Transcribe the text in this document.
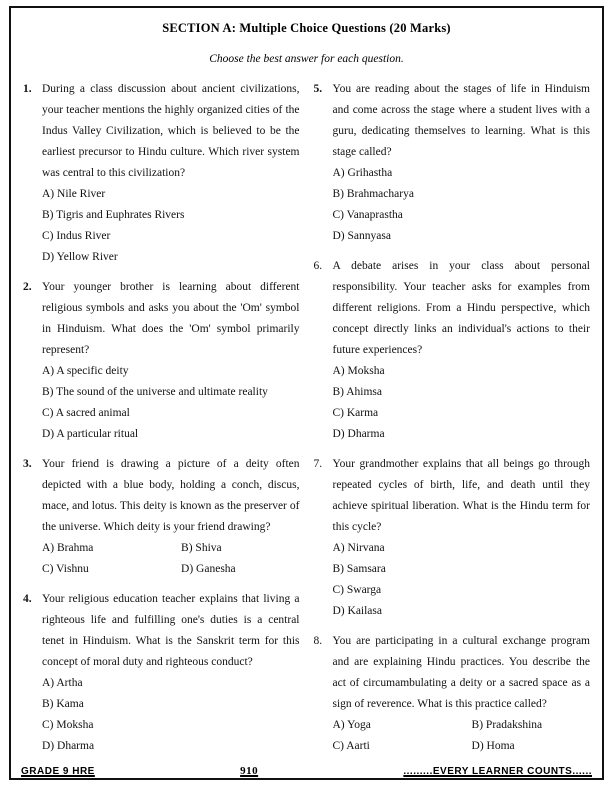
SECTION A: Multiple Choice Questions (20 Marks)
Choose the best answer for each question.
1. During a class discussion about ancient civilizations, your teacher mentions the highly organized cities of the Indus Valley Civilization, which is believed to be the earliest precursor to Hindu culture. Which river system was central to this civilization?
A) Nile River
B) Tigris and Euphrates Rivers
C) Indus River
D) Yellow River
2. Your younger brother is learning about different religious symbols and asks you about the 'Om' symbol in Hinduism. What does the 'Om' symbol primarily represent?
A) A specific deity
B) The sound of the universe and ultimate reality
C) A sacred animal
D) A particular ritual
3. Your friend is drawing a picture of a deity often depicted with a blue body, holding a conch, discus, mace, and lotus. This deity is known as the preserver of the universe. Which deity is your friend drawing?
A) Brahma	B) Shiva
C) Vishnu	D) Ganesha
4. Your religious education teacher explains that living a righteous life and fulfilling one's duties is a central tenet in Hinduism. What is the Sanskrit term for this concept of moral duty and righteous conduct?
A) Artha
B) Kama
C) Moksha
D) Dharma
5. You are reading about the stages of life in Hinduism and come across the stage where a student lives with a guru, dedicating themselves to learning. What is this stage called?
A) Grihastha
B) Brahmacharya
C) Vanaprastha
D) Sannyasa
6. A debate arises in your class about personal responsibility. Your teacher asks for examples from different religions. From a Hindu perspective, which concept directly links an individual's actions to their future experiences?
A) Moksha
B) Ahimsa
C) Karma
D) Dharma
7. Your grandmother explains that all beings go through repeated cycles of birth, life, and death until they achieve spiritual liberation. What is the Hindu term for this cycle?
A) Nirvana
B) Samsara
C) Swarga
D) Kailasa
8. You are participating in a cultural exchange program and are explaining Hindu practices. You describe the act of circumambulating a deity or a sacred space as a sign of reverence. What is this practice called?
A) Yoga	B) Pradakshina
C) Aarti	D) Homa
GRADE 9 HRE	910	.........EVERY LEARNER COUNTS......
